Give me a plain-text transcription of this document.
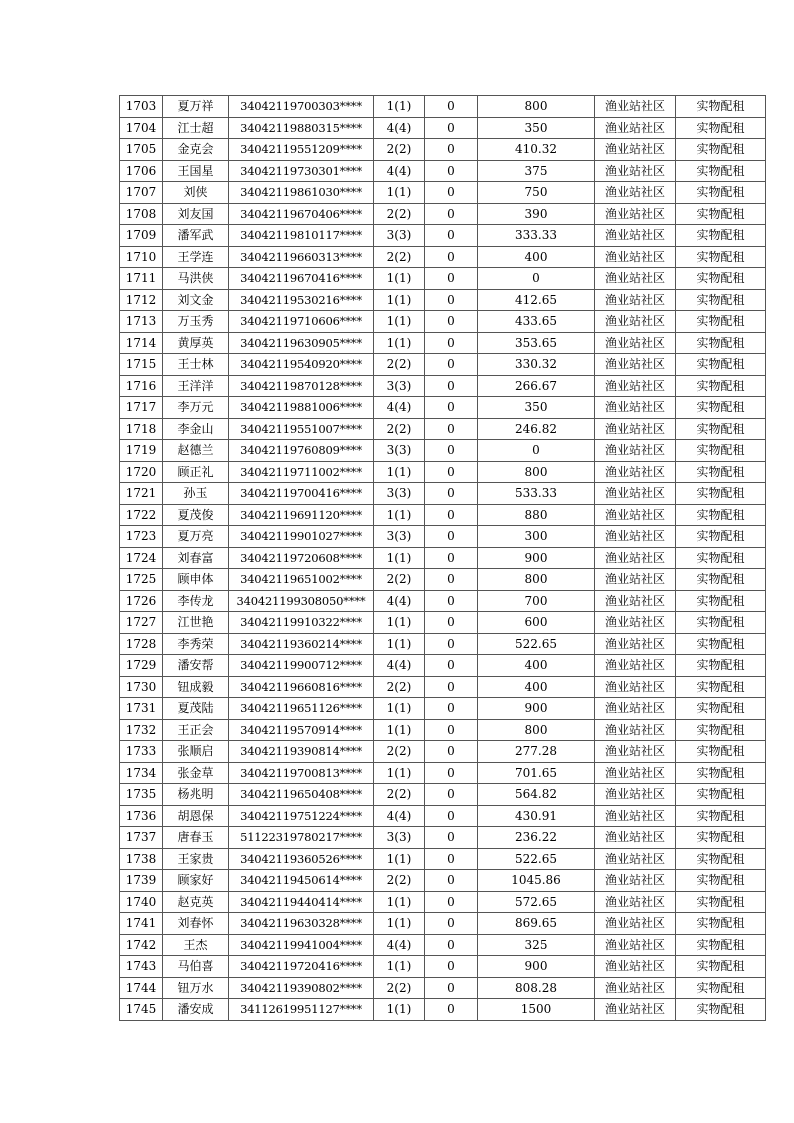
1703	夏万祥	34042119700303****	1(1)	0	800	渔业站社区	实物配租
1704	江士超	34042119880315****	4(4)	0	350	渔业站社区	实物配租
1705	金克会	34042119551209****	2(2)	0	410.32	渔业站社区	实物配租
1706	王国星	34042119730301****	4(4)	0	375	渔业站社区	实物配租
1707	刘侠	34042119861030****	1(1)	0	750	渔业站社区	实物配租
1708	刘友国	34042119670406****	2(2)	0	390	渔业站社区	实物配租
1709	潘军武	34042119810117****	3(3)	0	333.33	渔业站社区	实物配租
1710	王学连	34042119660313****	2(2)	0	400	渔业站社区	实物配租
1711	马洪侠	34042119670416****	1(1)	0	0	渔业站社区	实物配租
1712	刘文金	34042119530216****	1(1)	0	412.65	渔业站社区	实物配租
1713	万玉秀	34042119710606****	1(1)	0	433.65	渔业站社区	实物配租
1714	黄厚英	34042119630905****	1(1)	0	353.65	渔业站社区	实物配租
1715	王士林	34042119540920****	2(2)	0	330.32	渔业站社区	实物配租
1716	王洋洋	34042119870128****	3(3)	0	266.67	渔业站社区	实物配租
1717	李万元	34042119881006****	4(4)	0	350	渔业站社区	实物配租
1718	李金山	34042119551007****	2(2)	0	246.82	渔业站社区	实物配租
1719	赵德兰	34042119760809****	3(3)	0	0	渔业站社区	实物配租
1720	顾正礼	34042119711002****	1(1)	0	800	渔业站社区	实物配租
1721	孙玉	34042119700416****	3(3)	0	533.33	渔业站社区	实物配租
1722	夏茂俊	34042119691120****	1(1)	0	880	渔业站社区	实物配租
1723	夏万亮	34042119901027****	3(3)	0	300	渔业站社区	实物配租
1724	刘春富	34042119720608****	1(1)	0	900	渔业站社区	实物配租
1725	顾申体	34042119651002****	2(2)	0	800	渔业站社区	实物配租
1726	李传龙	340421199308050****	4(4)	0	700	渔业站社区	实物配租
1727	江世艳	34042119910322****	1(1)	0	600	渔业站社区	实物配租
1728	李秀荣	34042119360214****	1(1)	0	522.65	渔业站社区	实物配租
1729	潘安帮	34042119900712****	4(4)	0	400	渔业站社区	实物配租
1730	钮成毅	34042119660816****	2(2)	0	400	渔业站社区	实物配租
1731	夏茂陆	34042119651126****	1(1)	0	900	渔业站社区	实物配租
1732	王正会	34042119570914****	1(1)	0	800	渔业站社区	实物配租
1733	张顺启	34042119390814****	2(2)	0	277.28	渔业站社区	实物配租
1734	张金草	34042119700813****	1(1)	0	701.65	渔业站社区	实物配租
1735	杨兆明	34042119650408****	2(2)	0	564.82	渔业站社区	实物配租
1736	胡恩保	34042119751224****	4(4)	0	430.91	渔业站社区	实物配租
1737	唐春玉	51122319780217****	3(3)	0	236.22	渔业站社区	实物配租
1738	王家贵	34042119360526****	1(1)	0	522.65	渔业站社区	实物配租
1739	顾家好	34042119450614****	2(2)	0	1045.86	渔业站社区	实物配租
1740	赵克英	34042119440414****	1(1)	0	572.65	渔业站社区	实物配租
1741	刘春怀	34042119630328****	1(1)	0	869.65	渔业站社区	实物配租
1742	王杰	34042119941004****	4(4)	0	325	渔业站社区	实物配租
1743	马伯喜	34042119720416****	1(1)	0	900	渔业站社区	实物配租
1744	钮万水	34042119390802****	2(2)	0	808.28	渔业站社区	实物配租
1745	潘安成	34112619951127****	1(1)	0	1500	渔业站社区	实物配租
